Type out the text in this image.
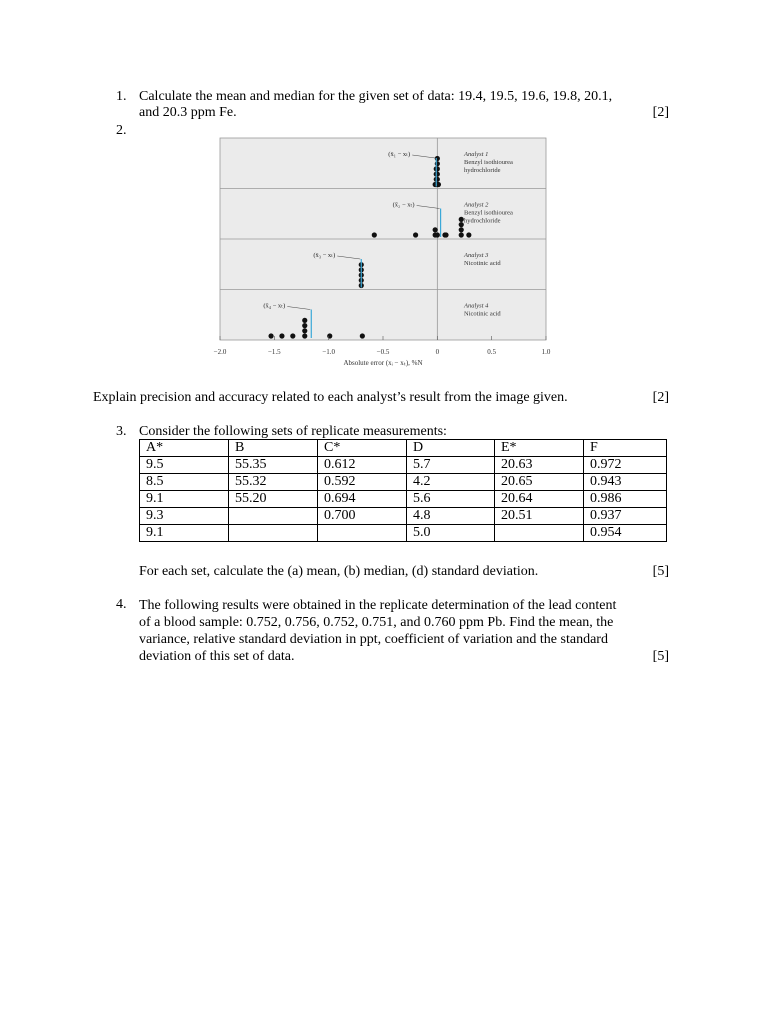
1. Calculate the mean and median for the given set of data: 19.4, 19.5, 19.6, 19.8, 20.1,
and 20.3 ppm Fe.	[2]
2.
(x̄₁ − xₜ)	Analyst 1
Benzyl isothiourea
hydrochloride
(x̄₂ − xₜ)	Analyst 2
Benzyl isothiourea
hydrochloride
(x̄₃ − xₜ)	Analyst 3
Nicotinic acid
(x̄₄ − xₜ)	Analyst 4
Nicotinic acid
−2.0	−1.5	−1.0	−0.5	0	0.5	1.0
Absolute error (xᵢ − xₜ), %N
Explain precision and accuracy related to each analyst’s result from the image given.	[2]
3. Consider the following sets of replicate measurements:
A*	B	C*	D	E*	F
9.5	55.35	0.612	5.7	20.63	0.972
8.5	55.32	0.592	4.2	20.65	0.943
9.1	55.20	0.694	5.6	20.64	0.986
9.3		0.700	4.8	20.51	0.937
9.1			5.0		0.954
For each set, calculate the (a) mean, (b) median, (d) standard deviation.	[5]
4. The following results were obtained in the replicate determination of the lead content
of a blood sample: 0.752, 0.756, 0.752, 0.751, and 0.760 ppm Pb. Find the mean, the
variance, relative standard deviation in ppt, coefficient of variation and the standard
deviation of this set of data.	[5]
